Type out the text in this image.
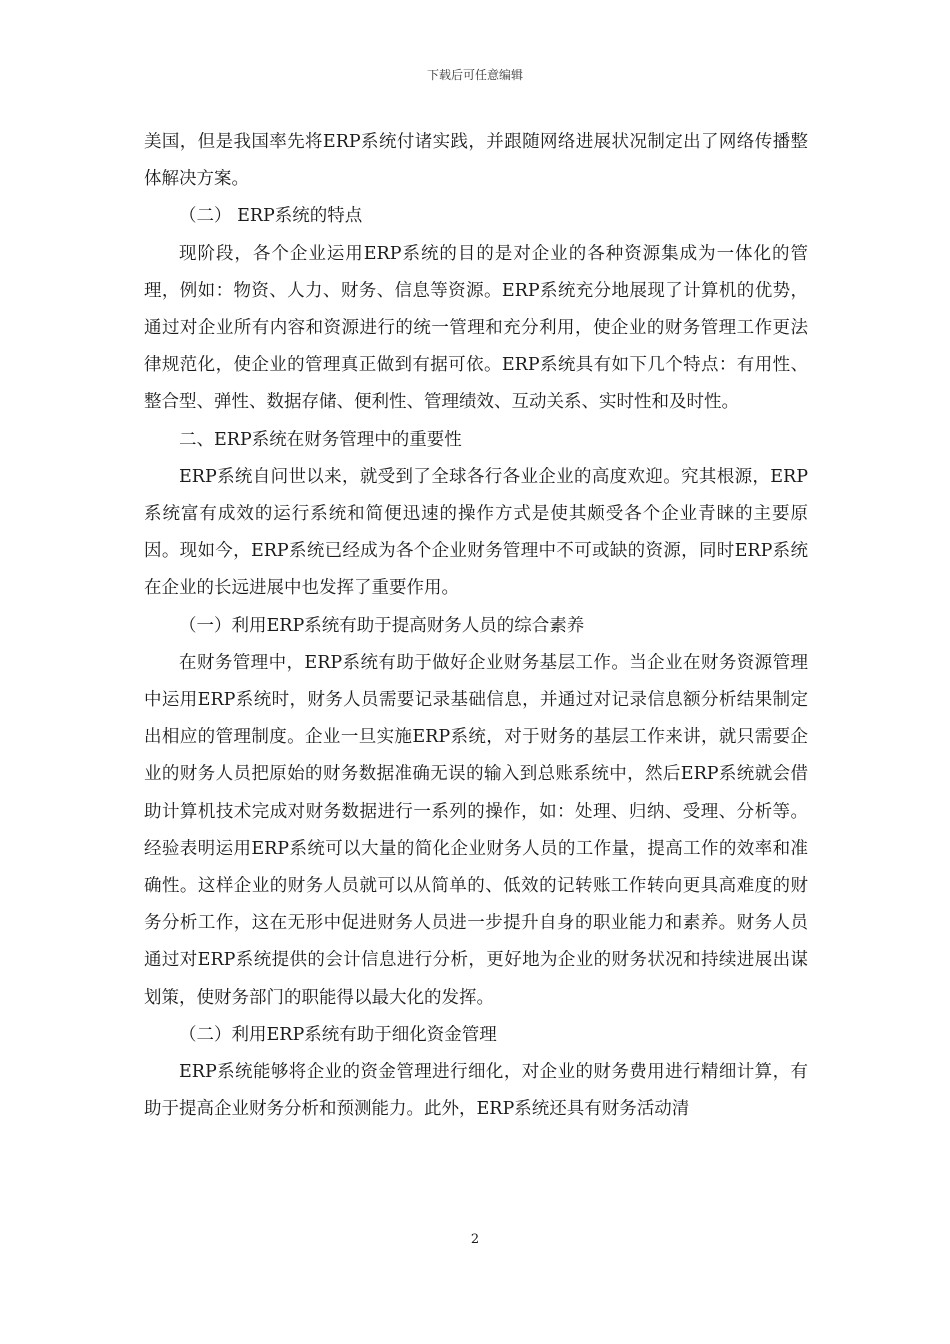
下载后可任意编辑

美国，但是我国率先将ERP系统付诸实践，并跟随网络进展状况制定出了网络传播整体解决方案。

（二） ERP系统的特点

现阶段，各个企业运用ERP系统的目的是对企业的各种资源集成为一体化的管理，例如：物资、人力、财务、信息等资源。ERP系统充分地展现了计算机的优势，通过对企业所有内容和资源进行的统一管理和充分利用，使企业的财务管理工作更法律规范化，使企业的管理真正做到有据可依。ERP系统具有如下几个特点：有用性、整合型、弹性、数据存储、便利性、管理绩效、互动关系、实时性和及时性。

二、ERP系统在财务管理中的重要性

ERP系统自问世以来，就受到了全球各行各业企业的高度欢迎。究其根源，ERP系统富有成效的运行系统和简便迅速的操作方式是使其颇受各个企业青睐的主要原因。现如今，ERP系统已经成为各个企业财务管理中不可或缺的资源，同时ERP系统在企业的长远进展中也发挥了重要作用。

（一）利用ERP系统有助于提高财务人员的综合素养

在财务管理中，ERP系统有助于做好企业财务基层工作。当企业在财务资源管理中运用ERP系统时，财务人员需要记录基础信息，并通过对记录信息额分析结果制定出相应的管理制度。企业一旦实施ERP系统，对于财务的基层工作来讲，就只需要企业的财务人员把原始的财务数据准确无误的输入到总账系统中，然后ERP系统就会借助计算机技术完成对财务数据进行一系列的操作，如：处理、归纳、受理、分析等。经验表明运用ERP系统可以大量的简化企业财务人员的工作量，提高工作的效率和准确性。这样企业的财务人员就可以从简单的、低效的记转账工作转向更具高难度的财务分析工作，这在无形中促进财务人员进一步提升自身的职业能力和素养。财务人员通过对ERP系统提供的会计信息进行分析，更好地为企业的财务状况和持续进展出谋划策，使财务部门的职能得以最大化的发挥。

（二）利用ERP系统有助于细化资金管理

ERP系统能够将企业的资金管理进行细化，对企业的财务费用进行精细计算，有助于提高企业财务分析和预测能力。此外，ERP系统还具有财务活动清

2
